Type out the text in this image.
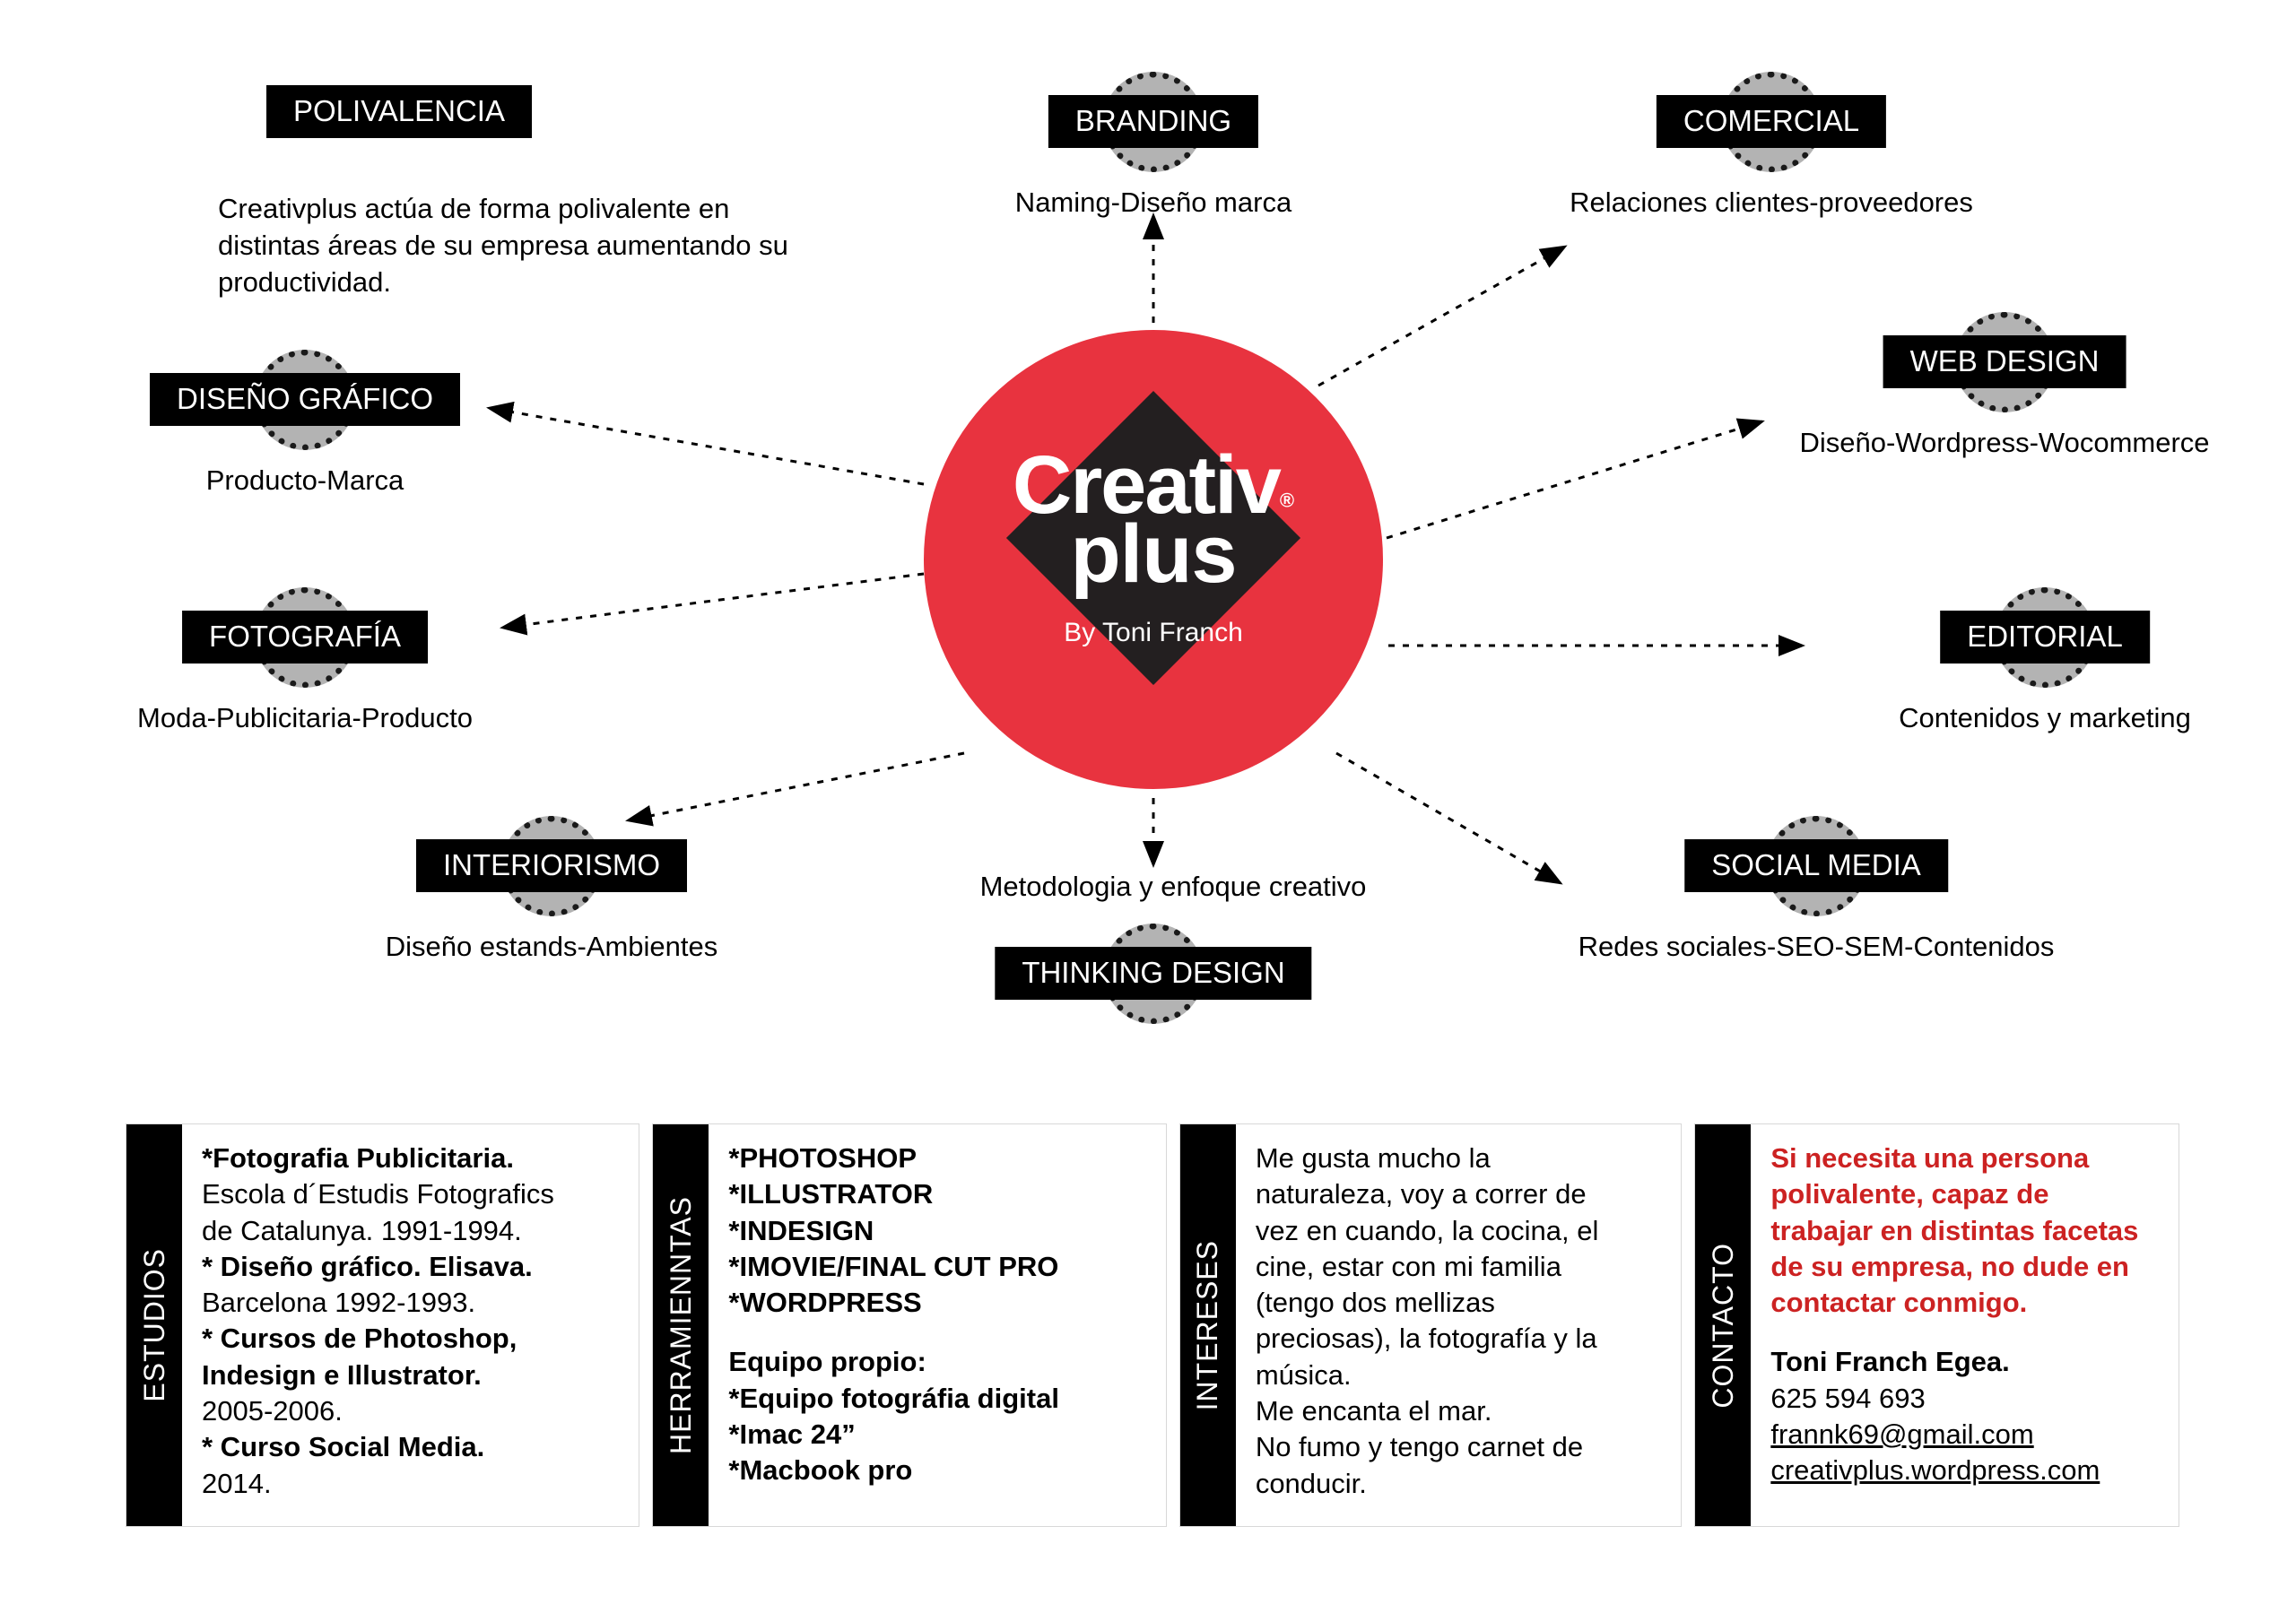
Creativ®
plus
By Toni Franch
POLIVALENCIA
Creativplus actúa de forma polivalente en distintas áreas de su empresa aumentando su productividad.
BRANDING
Naming-Diseño marca
COMERCIAL
Relaciones clientes-proveedores
WEB DESIGN
Diseño-Wordpress-Wocommerce
EDITORIAL
Contenidos y marketing
SOCIAL MEDIA
Redes sociales-SEO-SEM-Contenidos
THINKING DESIGN
Metodologia y enfoque creativo
INTERIORISMO
Diseño estands-Ambientes
FOTOGRAFÍA
Moda-Publicitaria-Producto
DISEÑO GRÁFICO
Producto-Marca
ESTUDIOS
*Fotografia Publicitaria.
Escola d´Estudis Fotografics
de Catalunya. 1991-1994.
* Diseño gráfico. Elisava.
Barcelona 1992-1993.
* Cursos de Photoshop,
Indesign e Illustrator.
2005-2006.
* Curso Social Media.
2014.
HERRAMIENNTAS
*PHOTOSHOP
*ILLUSTRATOR
*INDESIGN
*IMOVIE/FINAL CUT PRO
*WORDPRESS
Equipo propio:
*Equipo fotográfia digital
*Imac 24”
*Macbook pro
INTERESES
Me gusta mucho la
naturaleza, voy a correr de
vez en cuando, la cocina, el
cine, estar con mi familia
(tengo dos mellizas
preciosas), la fotografía y la
música.
Me encanta el mar.
No fumo y tengo carnet de
conducir.
CONTACTO
Si necesita una persona
polivalente, capaz de
trabajar en distintas facetas
de su empresa, no dude en
contactar conmigo.
Toni Franch Egea.
625 594 693
frannk69@gmail.com
creativplus.wordpress.com
